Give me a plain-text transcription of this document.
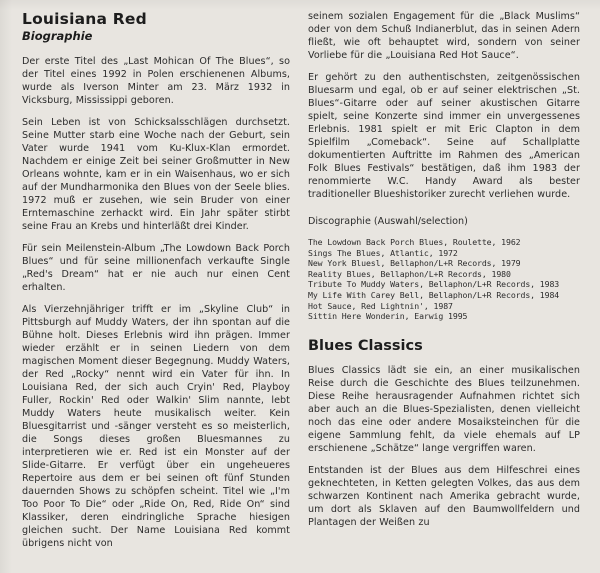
Louisiana Red
Biographie

Der erste Titel des „Last Mohican Of The Blues“, so der Titel eines 1992 in Polen erschienenen Albums, wurde als Iverson Minter am 23. März 1932 in Vicksburg, Mississippi geboren.

Sein Leben ist von Schicksalsschlägen durchsetzt. Seine Mutter starb eine Woche nach der Geburt, sein Vater wurde 1941 vom Ku-Klux-Klan ermordet. Nachdem er einige Zeit bei seiner Großmutter in New Orleans wohnte, kam er in ein Waisenhaus, wo er sich auf der Mundharmonika den Blues von der Seele blies. 1972 muß er zusehen, wie sein Bruder von einer Erntemaschine zerhackt wird. Ein Jahr später stirbt seine Frau an Krebs und hinterläßt drei Kinder.

Für sein Meilenstein-Album „The Lowdown Back Porch Blues“ und für seine millionenfach verkaufte Single „Red's Dream“ hat er nie auch nur einen Cent erhalten.

Als Vierzehnjähriger trifft er im „Skyline Club“ in Pittsburgh auf Muddy Waters, der ihn spontan auf die Bühne holt. Dieses Erlebnis wird ihn prägen. Immer wieder erzählt er in seinen Liedern von dem magischen Moment dieser Begegnung. Muddy Waters, der Red „Rocky“ nennt wird ein Vater für ihn. In Louisiana Red, der sich auch Cryin' Red, Playboy Fuller, Rockin' Red oder Walkin' Slim nannte, lebt Muddy Waters heute musikalisch weiter. Kein Bluesgitarrist und -sänger versteht es so meisterlich, die Songs dieses großen Bluesmannes zu interpretieren wie er. Red ist ein Monster auf der Slide-Gitarre. Er verfügt über ein ungeheueres Repertoire aus dem er bei seinen oft fünf Stunden dauernden Shows zu schöpfen scheint. Titel wie „I'm Too Poor To Die“ oder „Ride On, Red, Ride On“ sind Klassiker, deren eindringliche Sprache hiesigen gleichen sucht. Der Name Louisiana Red kommt übrigens nicht von

seinem sozialen Engagement für die „Black Muslims“ oder von dem Schuß Indianerblut, das in seinen Adern fließt, wie oft behauptet wird, sondern von seiner Vorliebe für die „Louisiana Red Hot Sauce“.

Er gehört zu den authentischsten, zeitgenössischen Bluesarm und egal, ob er auf seiner elektrischen „St. Blues“-Gitarre oder auf seiner akustischen Gitarre spielt, seine Konzerte sind immer ein unvergessenes Erlebnis. 1981 spielt er mit Eric Clapton in dem Spielfilm „Comeback“. Seine auf Schallplatte dokumentierten Auftritte im Rahmen des „American Folk Blues Festivals“ bestätigen, daß ihm 1983 der renommierte W.C. Handy Award als bester traditioneller Blueshistoriker zurecht verliehen wurde.

Discographie (Auswahl/selection)
The Lowdown Back Porch Blues, Roulette, 1962
Sings The Blues, Atlantic, 1972
New York Bluesl, Bellaphon/L+R Records, 1979
Reality Blues, Bellaphon/L+R Records, 1980
Tribute To Muddy Waters, Bellaphon/L+R Records, 1983
My Life With Carey Bell, Bellaphon/L+R Records, 1984
Hot Sauce, Red Lightnin', 1987
Sittin Here Wonderin, Earwig 1995
Blues Classics

Blues Classics lädt sie ein, an einer musikalischen Reise durch die Geschichte des Blues teilzunehmen. Diese Reihe herausragender Aufnahmen richtet sich aber auch an die Blues-Spezialisten, denen vielleicht noch das eine oder andere Mosaiksteinchen für die eigene Sammlung fehlt, da viele ehemals auf LP erschienene „Schätze“ lange vergriffen waren.

Entstanden ist der Blues aus dem Hilfeschrei eines geknechteten, in Ketten gelegten Volkes, das aus dem schwarzen Kontinent nach Amerika gebracht wurde, um dort als Sklaven auf den Baumwollfeldern und Plantagen der Weißen zu
